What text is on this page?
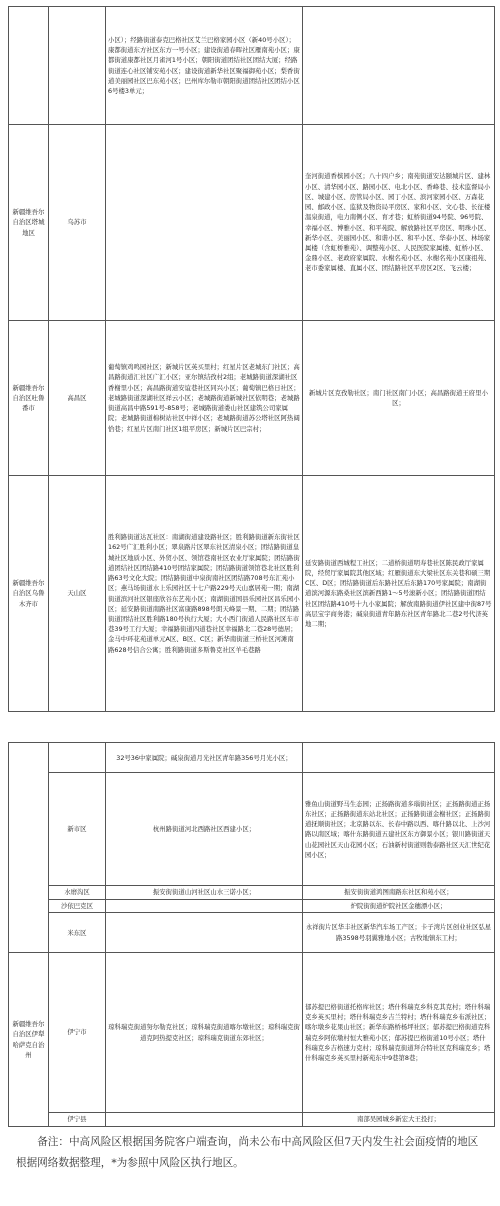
		小区）；经路街道泰克巴格社区艾兰巴格家园小区（新40号小区）；康都街道东方社区东方一号小区；建设街道春晖社区雁南苑小区；康都街道康都社区月雀河1号小区；朝阳街道团结社区团结大厦；经路街道连心社区铺安苑小区；建设街道新华社区聚福御苑小区；梨香街道美丽园社区巴东苑小区；巴州库尔勒市朝阳街道团结社区团结小区6号楼3单元；	
新疆维吾尔自治区塔城地区	乌苏市		奎河街道香槟园小区；八十四户乡；南苑街道安达颐城片区、建林小区、清华园小区、路园小区、电北小区、香峰巷、技术监督局小区、城建小区、房管局小区、园丁小区、滨河家园小区、万森花园、邮政小区、监狱及物资局平房区、家和小区、文心巷、长征楼温泉街道，电力南侧小区、育才巷；虹桥街道94号院、96号院、幸福小区、博雅小区、和平苑院、解放路社区平房区、明珠小区、新华小区、美丽园小区、和谐小区、和平小区、华泰小区、林场家属楼（含虹桥雅苑）、调整苑小区、人民医院家属楼、虹桥小区、金鼎小区、老政府家属院、水榭名苑小区、水榭名苑小区康祖苑、老市委家属楼、直属小区、团结路社区平房区2区、飞云楼；
新疆维吾尔自治区吐鲁番市	高昌区	葡萄镇鸡鸣园社区；新城片区英买里村；红星片区老城东门社区；高昌路街道汇社区广汇小区；亚尔镇结孜村2组；老城路街道深湖社区香榭里小区；高昌路街道安谊巷社区同兴小区；葡萄镇巴格日社区；老城路街道深湖社区祥云小区；老城路街道新城社区依明巷；老城路街道高昌中路591号-858号；老城路街道娄山社区建筑公司家属院；老城路街道棉树站社区中祥小区；老城路街道苏公塔社区阿热阔恰巷；红星片区南门社区1组平房区；新城片区巴宗村；	新城片区克孜勒社区；南门社区南门小区；高昌路街道王府里小区；
新疆维吾尔自治区乌鲁木齐市	天山区	胜利路街道达瓦社区：南湖街道建设路社区；胜利路街道新东街社区162号广汇胜利小区；翠泉路片区翠东社区清泉小区；团结路街道皇城社区地质小区、外贸小区、领馆巷南社区农业厅家属院；团结路街道团结社区团结路410号团结家属院；团结路街道领馆巷北社区胜利路63号文化大院；团结路街道中泉街南社区团结路708号东汇苑小区；燕马场街道水上乐园社区十七户路229号天山嘉居苑一期；南湖街道滨河社区银座欣谷东艺苑小区；南湖街道国县乐园社区昌乐园小区；延安路街道南路社区富康路898号朗天峰景一期、二期；团结路街道团结社区胜利路180号执行大厦；大小西门街道人民路社区车市巷39号工行大厦；幸福路街道四道巷社区幸福路北二巷28号德居；金马中环花苑道单元A区、B区、C区；新华南街道三桥社区河滩南路628号信合公寓；胜利路街道多斯鲁克社区羊毛巷路	延安路街道西城程工社区；二道桥街道明寿巷社区陈民政厅家属院，经贸厅家属院其他区域；红雁街道东大梁社区东关巷和硕三期C区、D区；团结路街道后东路社区后东路170号家属院；南湖街道滨河源东路桑社区滨新西路1～5号滚新小区；团结路街道团结社区团结路410号十九小家属院；解放南路街道伊社区建中街87号高层宝宇商务港；碱泉街道青年路东社区青年路北二巷2号代济英地二期；
		32号36中家属院；碱泉街道月光社区青年路356号月光小区；	
	新市区	杭州路街道河北西路社区西建小区；	雅鱼山街道野马生态园；正扬路街道多瑙街社区；正扬路街道正扬东社区；正扬路街道东站北社区；正扬路街道金榭社区；正扬路街道抚顺街社区；北京路以东、长春中路以西、喀什路以北、上沙河路以南区域；喀什东路街道五建社区东方御景小区；银川路街道天山花园社区天山花园小区；石油新村街道则勃泰路社区天汇世纪花园小区；
	水磨沟区	振安街街道山河社区山水三诺小区；	振安街街道鸿图南路东社区和苑小区；
	沙依巴克区		炉院街街道炉院社区金穗漂小区；
	米东区		永祥街片区华丰社区新华汽车场工产区；卡子湾片区创业社区弘星路3598号羽翼雅地小区；古牧地镇东工村；
新疆维吾尔自治区伊犁哈萨克自治州	伊宁市	琼科瑞克街道努尔勒克社区；琼科瑞克街道喀尔墩社区；琼科瑞克街道克阿热提克社区；琼科瑞克街道东郊社区；	郁苏提巴格街道托格库社区；塔什科瑞克乡科克其克村；塔什科瑞克乡英买里村；塔什科瑞克乡吉兰特村；塔什科瑞克乡布派社区；喀尔墩乡花果山社区；新华东路桥杨坪社区；郁苏提巴格街道克科瑞克乡阿依墩村恒大雅苑小区；郁苏提巴格街道10号小区；塔什科瑞克乡吉格速力克村；琼科瑞克街道拜合特社区克科瑞克乡；塔什科瑞克乡英买里村新苑东中9巷第8巷；
	伊宁县		南部吴园城乡新宏大王投打；

备注：中高风险区根据国务院客户端查询，尚未公布中高风险区但7天内发生社会面疫情的地区根据网络数据整理，*为参照中风险区执行地区。
